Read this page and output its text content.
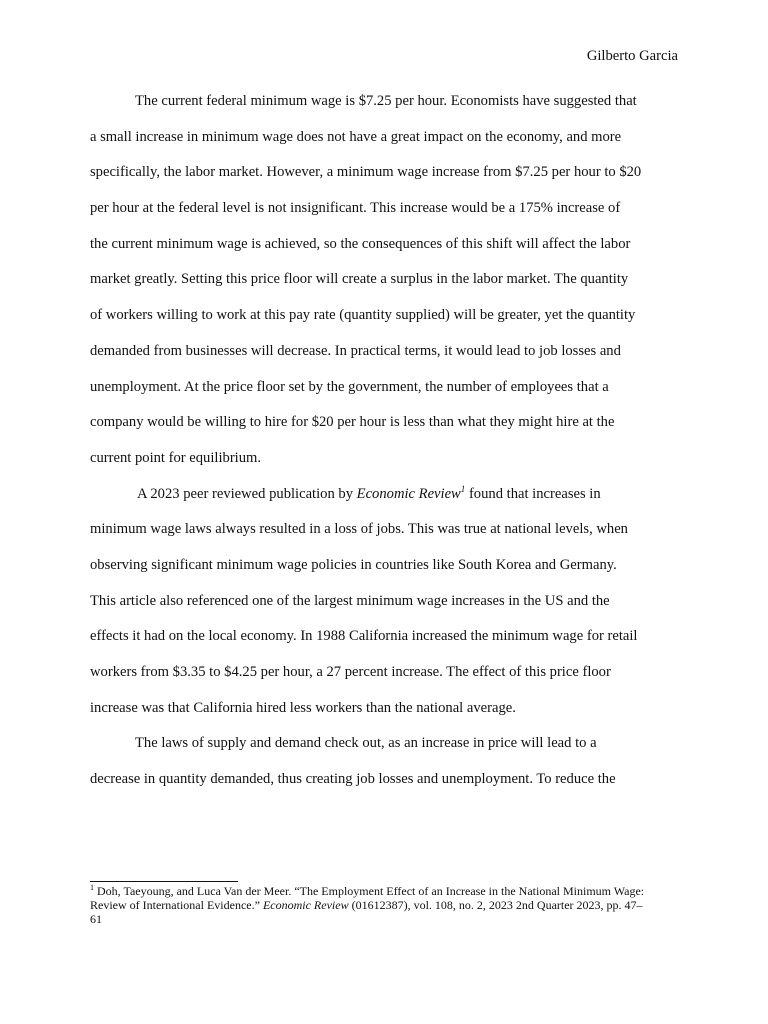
Gilberto Garcia

The current federal minimum wage is $7.25 per hour. Economists have suggested that
a small increase in minimum wage does not have a great impact on the economy, and more
specifically, the labor market. However, a minimum wage increase from $7.25 per hour to $20
per hour at the federal level is not insignificant. This increase would be a 175% increase of
the current minimum wage is achieved, so the consequences of this shift will affect the labor
market greatly. Setting this price floor will create a surplus in the labor market. The quantity
of workers willing to work at this pay rate (quantity supplied) will be greater, yet the quantity
demanded from businesses will decrease. In practical terms, it would lead to job losses and
unemployment. At the price floor set by the government, the number of employees that a
company would be willing to hire for $20 per hour is less than what they might hire at the
current point for equilibrium.

A 2023 peer reviewed publication by Economic Review$^1$ found that increases in
minimum wage laws always resulted in a loss of jobs. This was true at national levels, when
observing significant minimum wage policies in countries like South Korea and Germany.
This article also referenced one of the largest minimum wage increases in the US and the
effects it had on the local economy. In 1988 California increased the minimum wage for retail
workers from $3.35 to $4.25 per hour, a 27 percent increase. The effect of this price floor
increase was that California hired less workers than the national average.

The laws of supply and demand check out, as an increase in price will lead to a
decrease in quantity demanded, thus creating job losses and unemployment. To reduce the

$^1$ Doh, Taeyoung, and Luca Van der Meer. “The Employment Effect of an Increase in the National Minimum Wage:
Review of International Evidence.” Economic Review (01612387), vol. 108, no. 2, 2023 2nd Quarter 2023, pp. 47–
61
